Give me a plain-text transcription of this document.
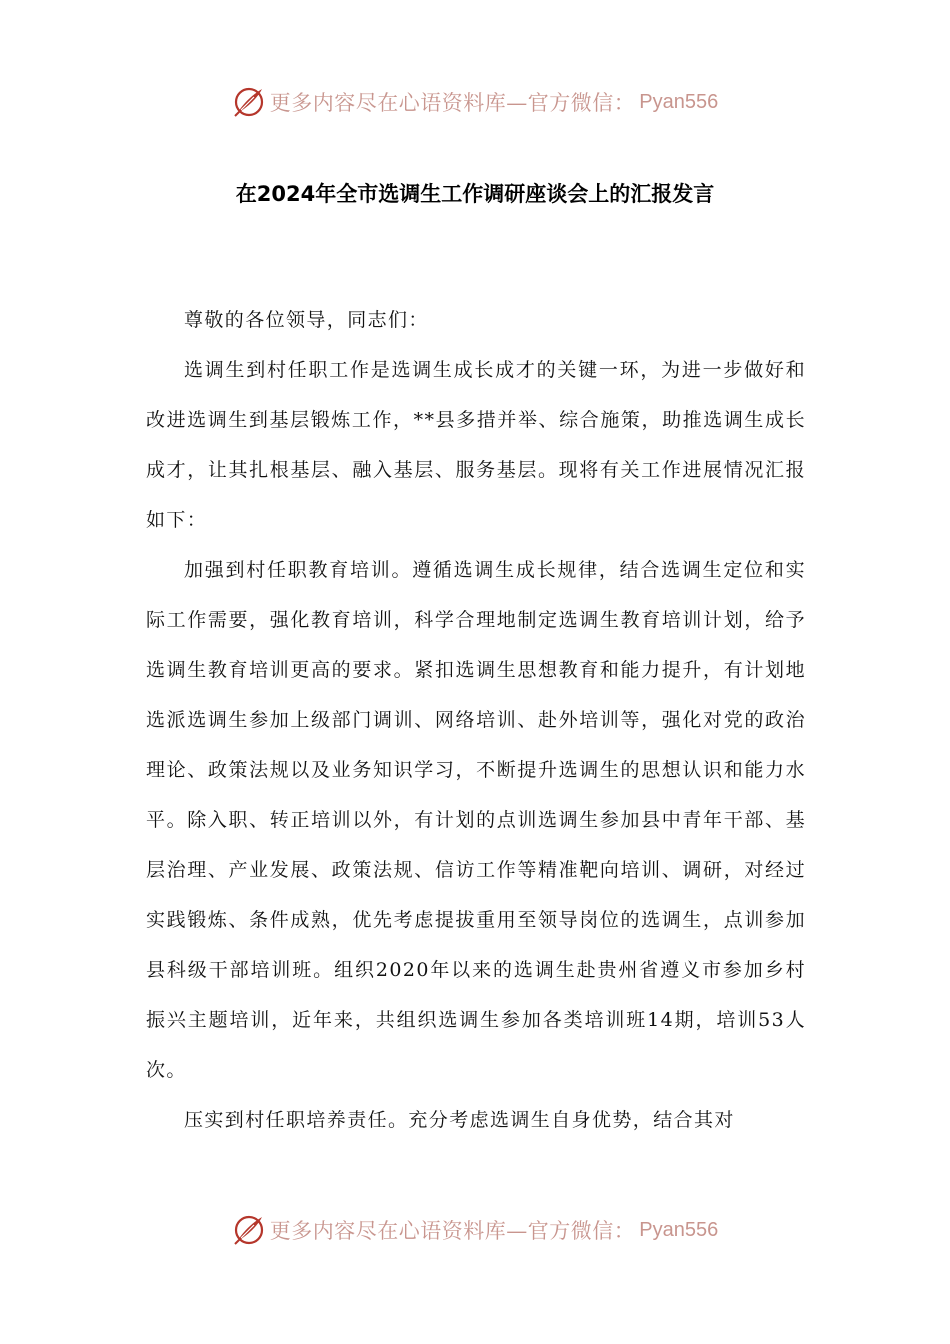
更多内容尽在心语资料库—官方微信： Pyan556
在2024年全市选调生工作调研座谈会上的汇报发言

尊敬的各位领导，同志们：

选调生到村任职工作是选调生成长成才的关键一环，为进一步做好和改进选调生到基层锻炼工作，**县多措并举、综合施策，助推选调生成长成才，让其扎根基层、融入基层、服务基层。现将有关工作进展情况汇报如下：

加强到村任职教育培训。遵循选调生成长规律，结合选调生定位和实际工作需要，强化教育培训，科学合理地制定选调生教育培训计划，给予选调生教育培训更高的要求。紧扣选调生思想教育和能力提升，有计划地选派选调生参加上级部门调训、网络培训、赴外培训等，强化对党的政治理论、政策法规以及业务知识学习，不断提升选调生的思想认识和能力水平。除入职、转正培训以外，有计划的点训选调生参加县中青年干部、基层治理、产业发展、政策法规、信访工作等精准靶向培训、调研，对经过实践锻炼、条件成熟，优先考虑提拔重用至领导岗位的选调生，点训参加县科级干部培训班。组织2020年以来的选调生赴贵州省遵义市参加乡村振兴主题培训，近年来，共组织选调生参加各类培训班14期，培训53人次。

压实到村任职培养责任。充分考虑选调生自身优势，结合其对

更多内容尽在心语资料库—官方微信： Pyan556
